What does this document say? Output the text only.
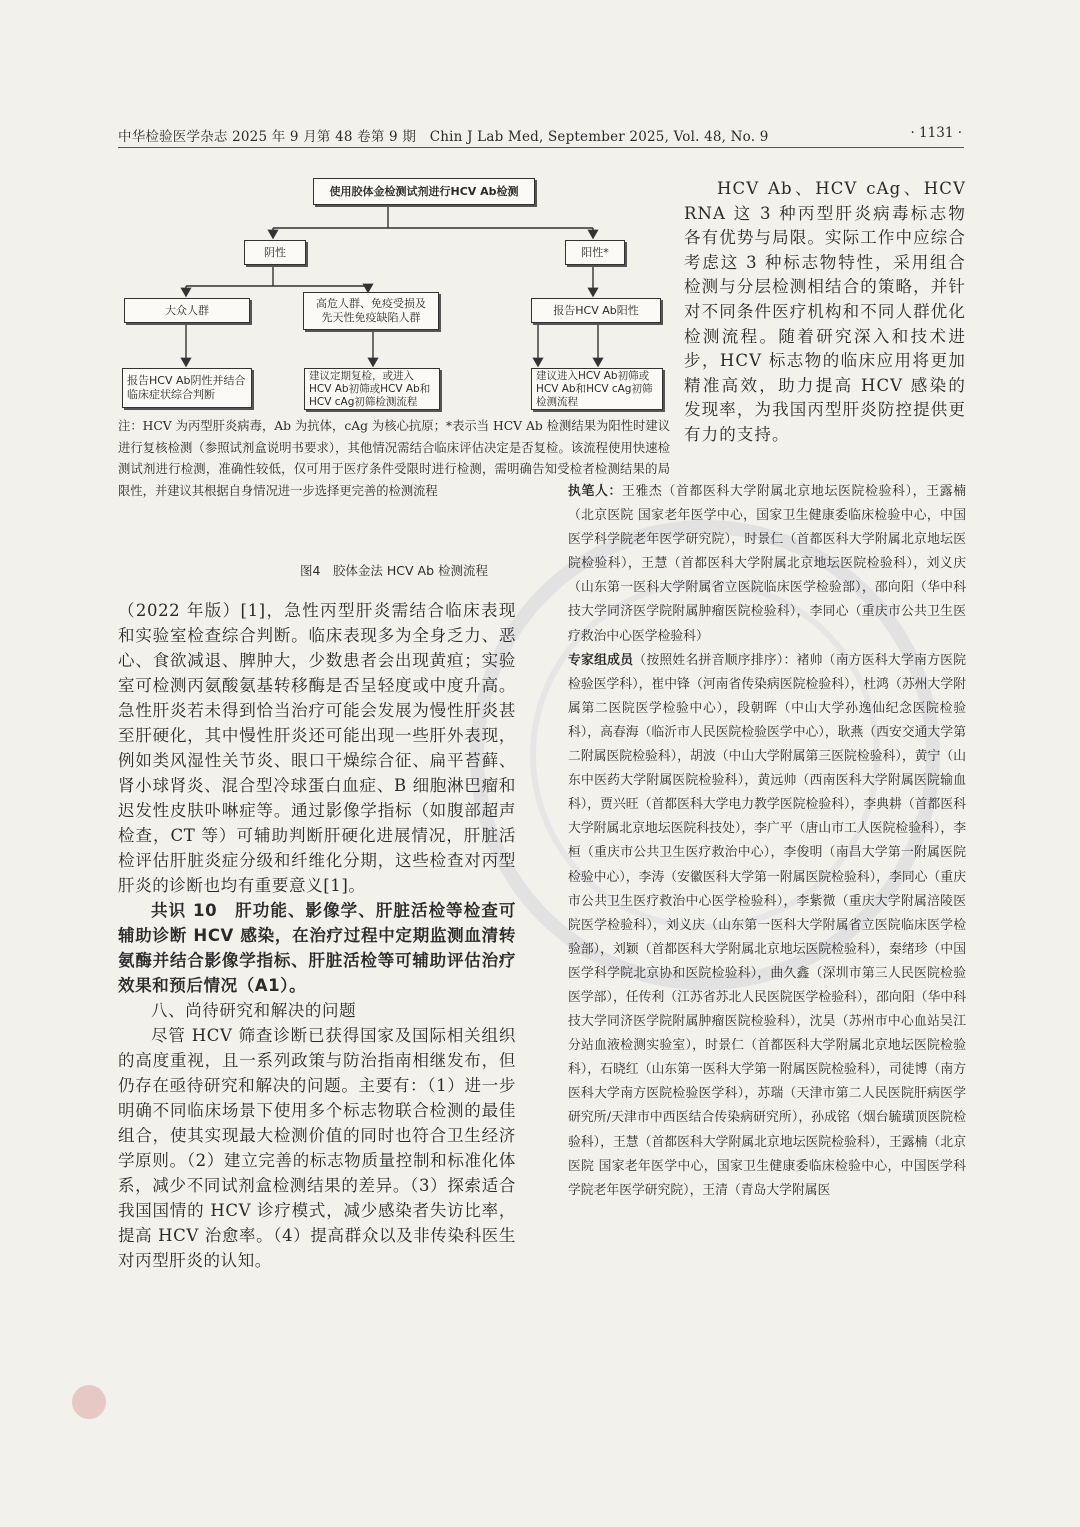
中华检验医学杂志 2025 年 9 月第 48 卷第 9 期　Chin J Lab Med, September 2025, Vol. 48, No. 9	· 1131 ·
使用胶体金检测试剂进行HCV Ab检测
阴性	阳性*
大众人群	高危人群、免疫受损及
先天性免疫缺陷人群
报告HCV Ab阳性
报告HCV Ab阴性并结合
临床症状综合判断
建议定期复检，或进入
HCV Ab初筛或HCV Ab和
HCV cAg初筛检测流程
建议进入HCV Ab初筛或
HCV Ab和HCV cAg初筛
检测流程
注：HCV 为丙型肝炎病毒，Ab 为抗体，cAg 为核心抗原；*表示当 HCV Ab 检测结果为阳性时建议进行复核检测（参照试剂盒说明书要求），其他情况需结合临床评估决定是否复检。该流程使用快速检测试剂进行检测，准确性较低，仅可用于医疗条件受限时进行检测，需明确告知受检者检测结果的局限性，并建议其根据自身情况进一步选择更完善的检测流程
图4　胶体金法 HCV Ab 检测流程

HCV Ab、HCV cAg、HCV RNA 这 3 种丙型肝炎病毒标志物各有优势与局限。实际工作中应综合考虑这 3 种标志物特性，采用组合检测与分层检测相结合的策略，并针对不同条件医疗机构和不同人群优化检测流程。随着研究深入和技术进步，HCV 标志物的临床应用将更加精准高效，助力提高 HCV 感染的发现率，为我国丙型肝炎防控提供更有力的支持。

执笔人：王雅杰（首都医科大学附属北京地坛医院检验科），王露楠（北京医院 国家老年医学中心，国家卫生健康委临床检验中心，中国医学科学院老年医学研究院），时景仁（首都医科大学附属北京地坛医院检验科），王慧（首都医科大学附属北京地坛医院检验科），刘义庆（山东第一医科大学附属省立医院临床医学检验部），邵向阳（华中科技大学同济医学院附属肿瘤医院检验科），李同心（重庆市公共卫生医疗救治中心医学检验科）

专家组成员（按照姓名拼音顺序排序）：褚帅（南方医科大学南方医院检验医学科），崔中锋（河南省传染病医院检验科），杜鸿（苏州大学附属第二医院医学检验中心），段朝晖（中山大学孙逸仙纪念医院检验科），高春海（临沂市人民医院检验医学中心），耿燕（西安交通大学第二附属医院检验科），胡波（中山大学附属第三医院检验科），黄宁（山东中医药大学附属医院检验科），黄远帅（西南医科大学附属医院输血科），贾兴旺（首都医科大学电力教学医院检验科），李典耕（首都医科大学附属北京地坛医院科技处），李广平（唐山市工人医院检验科），李桓（重庆市公共卫生医疗救治中心），李俊明（南昌大学第一附属医院检验中心），李涛（安徽医科大学第一附属医院检验科），李同心（重庆市公共卫生医疗救治中心医学检验科），李紫微（重庆大学附属涪陵医院医学检验科），刘义庆（山东第一医科大学附属省立医院临床医学检验部），刘颖（首都医科大学附属北京地坛医院检验科），秦绪珍（中国医学科学院北京协和医院检验科），曲久鑫（深圳市第三人民医院检验医学部），任传利（江苏省苏北人民医院医学检验科），邵向阳（华中科技大学同济医学院附属肿瘤医院检验科），沈昊（苏州市中心血站吴江分站血液检测实验室），时景仁（首都医科大学附属北京地坛医院检验科），石晓红（山东第一医科大学第一附属医院检验科），司徒博（南方医科大学南方医院检验医学科），苏瑞（天津市第二人民医院肝病医学研究所/天津市中西医结合传染病研究所），孙成铭（烟台毓璜顶医院检验科），王慧（首都医科大学附属北京地坛医院检验科），王露楠（北京医院 国家老年医学中心，国家卫生健康委临床检验中心，中国医学科学院老年医学研究院），王清（青岛大学附属医

（2022 年版）[1]，急性丙型肝炎需结合临床表现和实验室检查综合判断。临床表现多为全身乏力、恶心、食欲减退、脾肿大，少数患者会出现黄疸；实验室可检测丙氨酸氨基转移酶是否呈轻度或中度升高。急性肝炎若未得到恰当治疗可能会发展为慢性肝炎甚至肝硬化，其中慢性肝炎还可能出现一些肝外表现，例如类风湿性关节炎、眼口干燥综合征、扁平苔藓、肾小球肾炎、混合型冷球蛋白血症、B 细胞淋巴瘤和迟发性皮肤卟啉症等。通过影像学指标（如腹部超声检查，CT 等）可辅助判断肝硬化进展情况，肝脏活检评估肝脏炎症分级和纤维化分期，这些检查对丙型肝炎的诊断也均有重要意义[1]。

共识 10　肝功能、影像学、肝脏活检等检查可辅助诊断 HCV 感染，在治疗过程中定期监测血清转氨酶并结合影像学指标、肝脏活检等可辅助评估治疗效果和预后情况（A1）。

八、尚待研究和解决的问题

尽管 HCV 筛查诊断已获得国家及国际相关组织的高度重视，且一系列政策与防治指南相继发布，但仍存在亟待研究和解决的问题。主要有：（1）进一步明确不同临床场景下使用多个标志物联合检测的最佳组合，使其实现最大检测价值的同时也符合卫生经济学原则。（2）建立完善的标志物质量控制和标准化体系，减少不同试剂盒检测结果的差异。（3）探索适合我国国情的 HCV 诊疗模式，减少感染者失访比率，提高 HCV 治愈率。（4）提高群众以及非传染科医生对丙型肝炎的认知。
